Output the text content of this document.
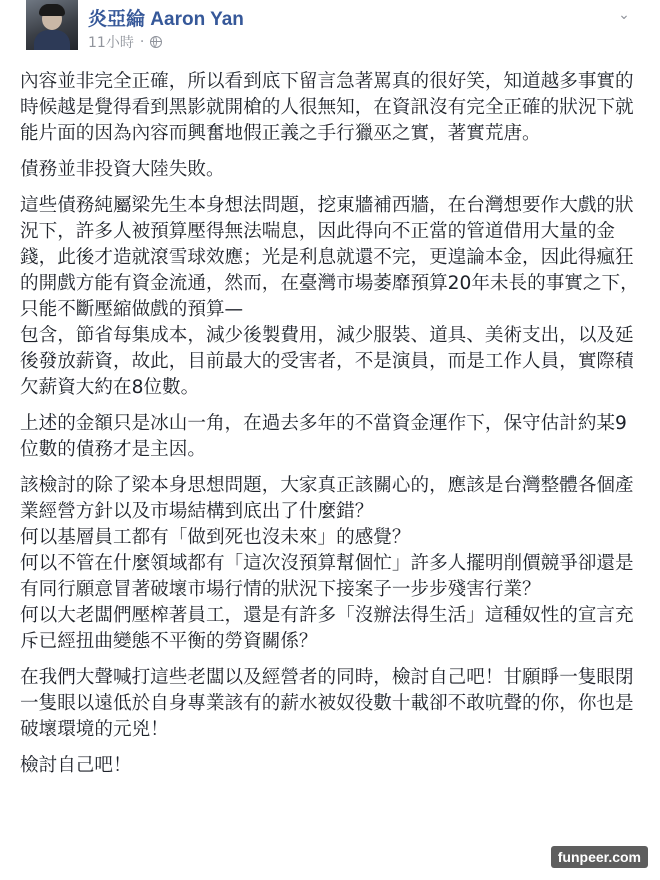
炎亞綸 Aaron Yan
11小時 ·
⌄

內容並非完全正確，所以看到底下留言急著罵真的很好笑，知道越多事實的時候越是覺得看到黑影就開槍的人很無知，在資訊沒有完全正確的狀況下就能片面的因為內容而興奮地假正義之手行獵巫之實，著實荒唐。

債務並非投資大陸失敗。

這些債務純屬梁先生本身想法問題，挖東牆補西牆，在台灣想要作大戲的狀況下，許多人被預算壓得無法喘息，因此得向不正當的管道借用大量的金錢，此後才造就滾雪球效應；光是利息就還不完，更遑論本金，因此得瘋狂的開戲方能有資金流通，然而，在臺灣市場萎靡預算20年未長的事實之下，只能不斷壓縮做戲的預算—
包含，節省每集成本，減少後製費用，減少服裝、道具、美術支出，以及延後發放薪資，故此，目前最大的受害者，不是演員，而是工作人員，實際積欠薪資大約在8位數。

上述的金額只是冰山一角，在過去多年的不當資金運作下，保守估計約某9位數的債務才是主因。

該檢討的除了梁本身思想問題，大家真正該關心的，應該是台灣整體各個產業經營方針以及市場結構到底出了什麼錯？
何以基層員工都有「做到死也沒未來」的感覺？
何以不管在什麼領域都有「這次沒預算幫個忙」許多人擺明削價競爭卻還是有同行願意冒著破壞市場行情的狀況下接案子一步步殘害行業？
何以大老闆們壓榨著員工，還是有許多「沒辦法得生活」這種奴性的宣言充斥已經扭曲變態不平衡的勞資關係？

在我們大聲喊打這些老闆以及經營者的同時，檢討自己吧！甘願睜一隻眼閉一隻眼以遠低於自身專業該有的薪水被奴役數十載卻不敢吭聲的你，你也是破壞環境的元兇！

檢討自己吧！

funpeer.com
